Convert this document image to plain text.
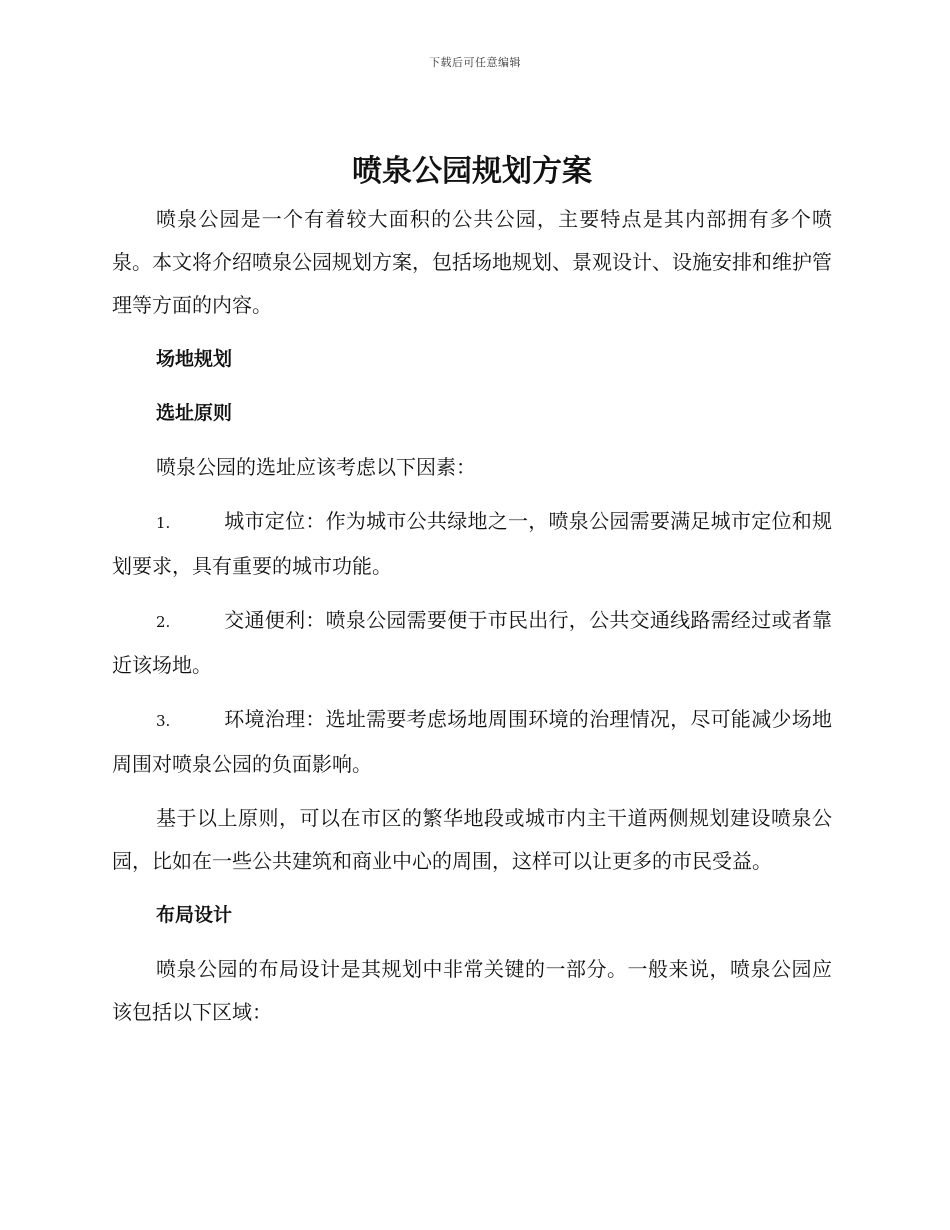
下载后可任意编辑
喷泉公园规划方案

喷泉公园是一个有着较大面积的公共公园，主要特点是其内部拥有多个喷泉。本文将介绍喷泉公园规划方案，包括场地规划、景观设计、设施安排和维护管理等方面的内容。

场地规划

选址原则

喷泉公园的选址应该考虑以下因素：

1.	城市定位：作为城市公共绿地之一，喷泉公园需要满足城市定位和规划要求，具有重要的城市功能。

2.	交通便利：喷泉公园需要便于市民出行，公共交通线路需经过或者靠近该场地。

3.	环境治理：选址需要考虑场地周围环境的治理情况，尽可能减少场地周围对喷泉公园的负面影响。

基于以上原则，可以在市区的繁华地段或城市内主干道两侧规划建设喷泉公园，比如在一些公共建筑和商业中心的周围，这样可以让更多的市民受益。

布局设计

喷泉公园的布局设计是其规划中非常关键的一部分。一般来说，喷泉公园应该包括以下区域：
